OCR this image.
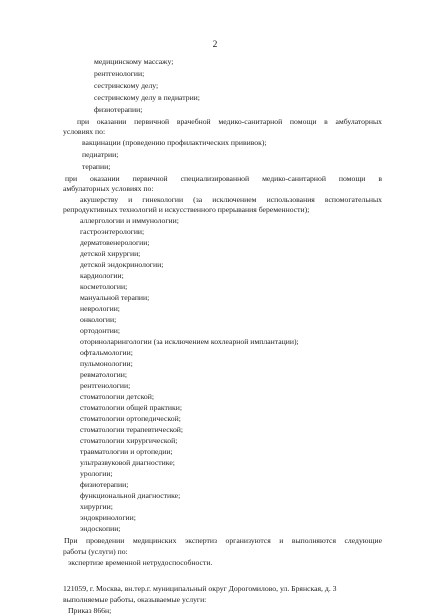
2
медицинскому массажу;
рентгенологии;
сестринскому делу;
сестринскому делу в педиатрии;
физиотерапии;
при оказании первичной врачебной медико-санитарной помощи в амбулаторных
условиях по:
вакцинации (проведению профилактических прививок);
педиатрии;
терапии;
при оказании первичной специализированной медико-санитарной помощи в
амбулаторных условиях по:
акушерству и гинекологии (за исключением использования вспомогательных
репродуктивных технологий и искусственного прерывания беременности);
аллергологии и иммунологии;
гастроэнтерологии;
дерматовенерологии;
детской хирургии;
детской эндокринологии;
кардиологии;
косметологии;
мануальной терапии;
неврологии;
онкологии;
ортодонтии;
оториноларингологии (за исключением кохлеарной имплантации);
офтальмологии;
пульмонологии;
ревматологии;
рентгенологии;
стоматологии детской;
стоматологии общей практики;
стоматологии ортопедической;
стоматологии терапевтической;
стоматологии хирургической;
травматологии и ортопедии;
ультразвуковой диагностике;
урологии;
физиотерапии;
функциональной диагностике;
хирургии;
эндокринологии;
эндоскопии;
При проведении медицинских экспертиз организуются и выполняются следующие
работы (услуги) по:
экспертизе временной нетрудоспособности.
121059, г. Москва, вн.тер.г. муниципальный округ Дорогомилово, ул. Брянская, д. 3
выполняемые работы, оказываемые услуги:
Приказ 866н;
